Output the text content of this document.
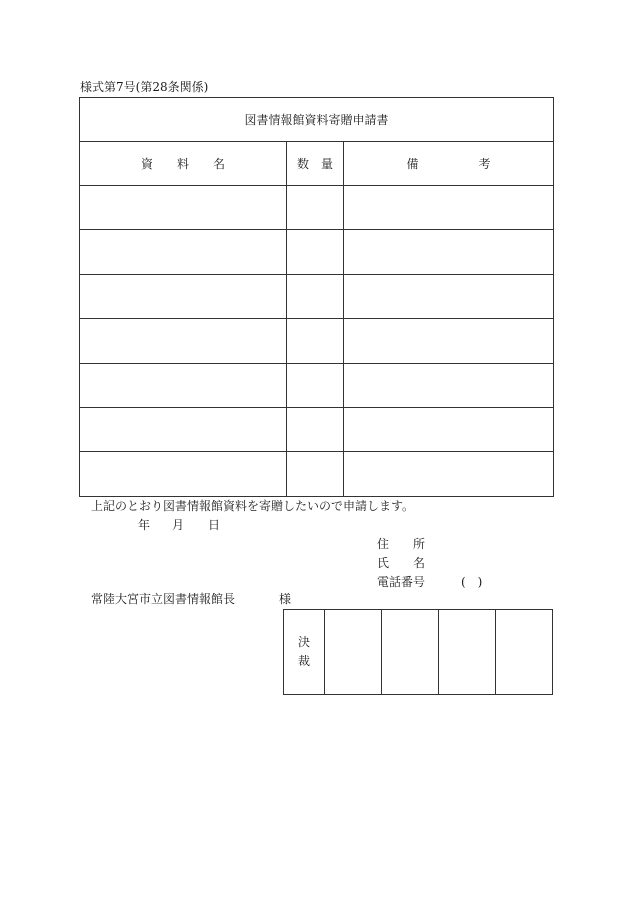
様式第7号(第28条関係)
図書情報館資料寄贈申請書		
資　　料　　名	数　量	備　　　　　考

上記のとおり図書情報館資料を寄贈したいので申請します。
年 月 日
住　　所
氏　　名
電話番号	(　)
常陸大宮市立図書情報館長	様
決
裁
